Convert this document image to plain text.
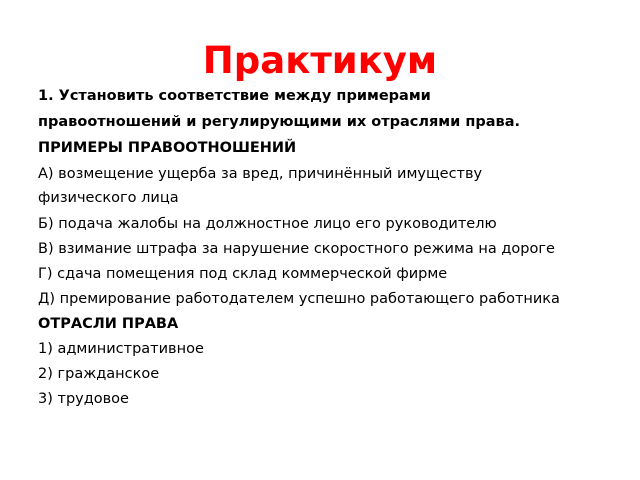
Практикум
1. Установить соответствие между примерами
правоотношений и регулирующими их отраслями права.
ПРИМЕРЫ ПРАВООТНОШЕНИЙ
А) возмещение ущерба за вред, причинённый имуществу
физического лица
Б) подача жалобы на должностное лицо его руководителю
В) взимание штрафа за нарушение скоростного режима на дороге
Г) сдача помещения под склад коммерческой фирме
Д) премирование работодателем успешно работающего работника
ОТРАСЛИ ПРАВА
1) административное
2) гражданское
3) трудовое
